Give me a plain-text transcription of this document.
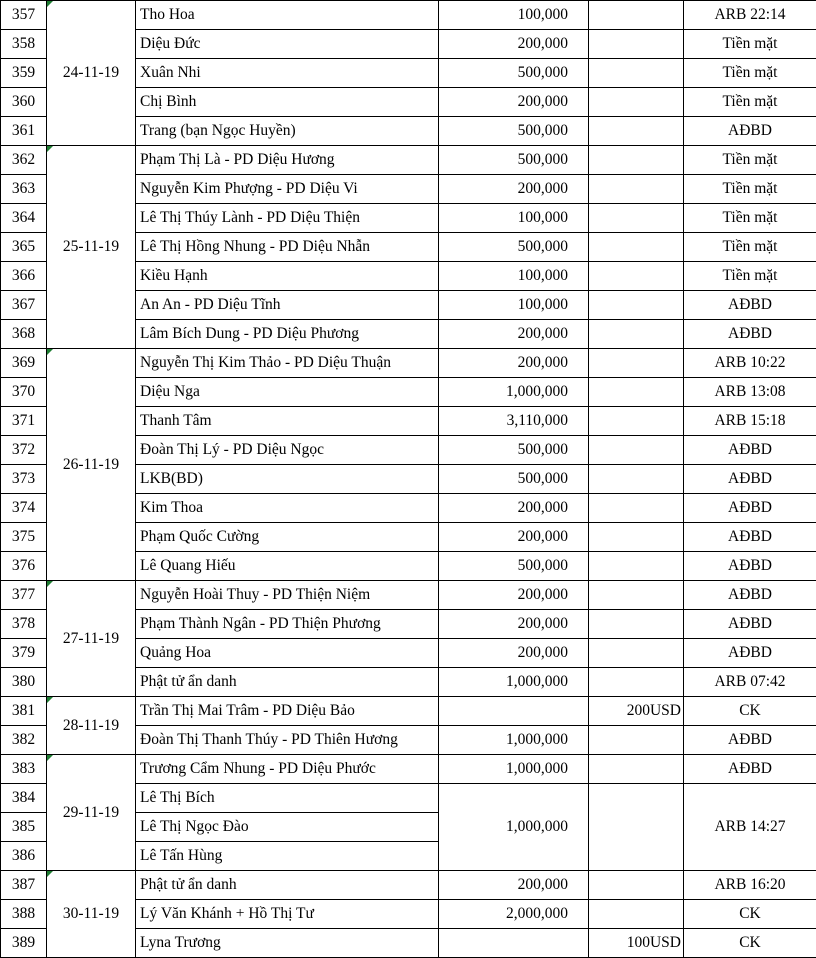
357	24-11-19	Tho Hoa	100,000		ARB 22:14
358		Diệu Đức	200,000		Tiền mặt
359		Xuân Nhi	500,000		Tiền mặt
360		Chị Bình	200,000		Tiền mặt
361		Trang (bạn Ngọc Huyền)	500,000		AĐBD
362	25-11-19	Phạm Thị Là - PD Diệu Hương	500,000		Tiền mặt
363		Nguyễn Kim Phượng - PD Diệu Vi	200,000		Tiền mặt
364		Lê Thị Thúy Lành - PD Diệu Thiện	100,000		Tiền mặt
365		Lê Thị Hồng Nhung - PD Diệu Nhẫn	500,000		Tiền mặt
366		Kiều Hạnh	100,000		Tiền mặt
367		An An - PD Diệu Tĩnh	100,000		AĐBD
368		Lâm Bích Dung - PD Diệu Phương	200,000		AĐBD
369	26-11-19	Nguyễn Thị Kim Thảo - PD Diệu Thuận	200,000		ARB 10:22
370		Diệu Nga	1,000,000		ARB 13:08
371		Thanh Tâm	3,110,000		ARB 15:18
372		Đoàn Thị Lý - PD Diệu Ngọc	500,000		AĐBD
373		LKB(BD)	500,000		AĐBD
374		Kim Thoa	200,000		AĐBD
375		Phạm Quốc Cường	200,000		AĐBD
376		Lê Quang Hiếu	500,000		AĐBD
377	27-11-19	Nguyễn Hoài Thuy - PD Thiện Niệm	200,000		AĐBD
378		Phạm Thành Ngân - PD Thiện Phương	200,000		AĐBD
379		Quảng Hoa	200,000		AĐBD
380		Phật tử ẩn danh	1,000,000		ARB 07:42
381	28-11-19	Trần Thị Mai Trâm - PD Diệu Bảo		200USD	CK
382		Đoàn Thị Thanh Thúy - PD Thiên Hương	1,000,000		AĐBD
383	29-11-19	Trương Cẩm Nhung - PD Diệu Phước	1,000,000		AĐBD
384		Lê Thị Bích	1,000,000		ARB 14:27
385		Lê Thị Ngọc Đào			
386		Lê Tấn Hùng			
387	30-11-19	Phật tử ẩn danh	200,000		ARB 16:20
388		Lý Văn Khánh + Hồ Thị Tư	2,000,000		CK
389		Lyna Trương		100USD	CK
